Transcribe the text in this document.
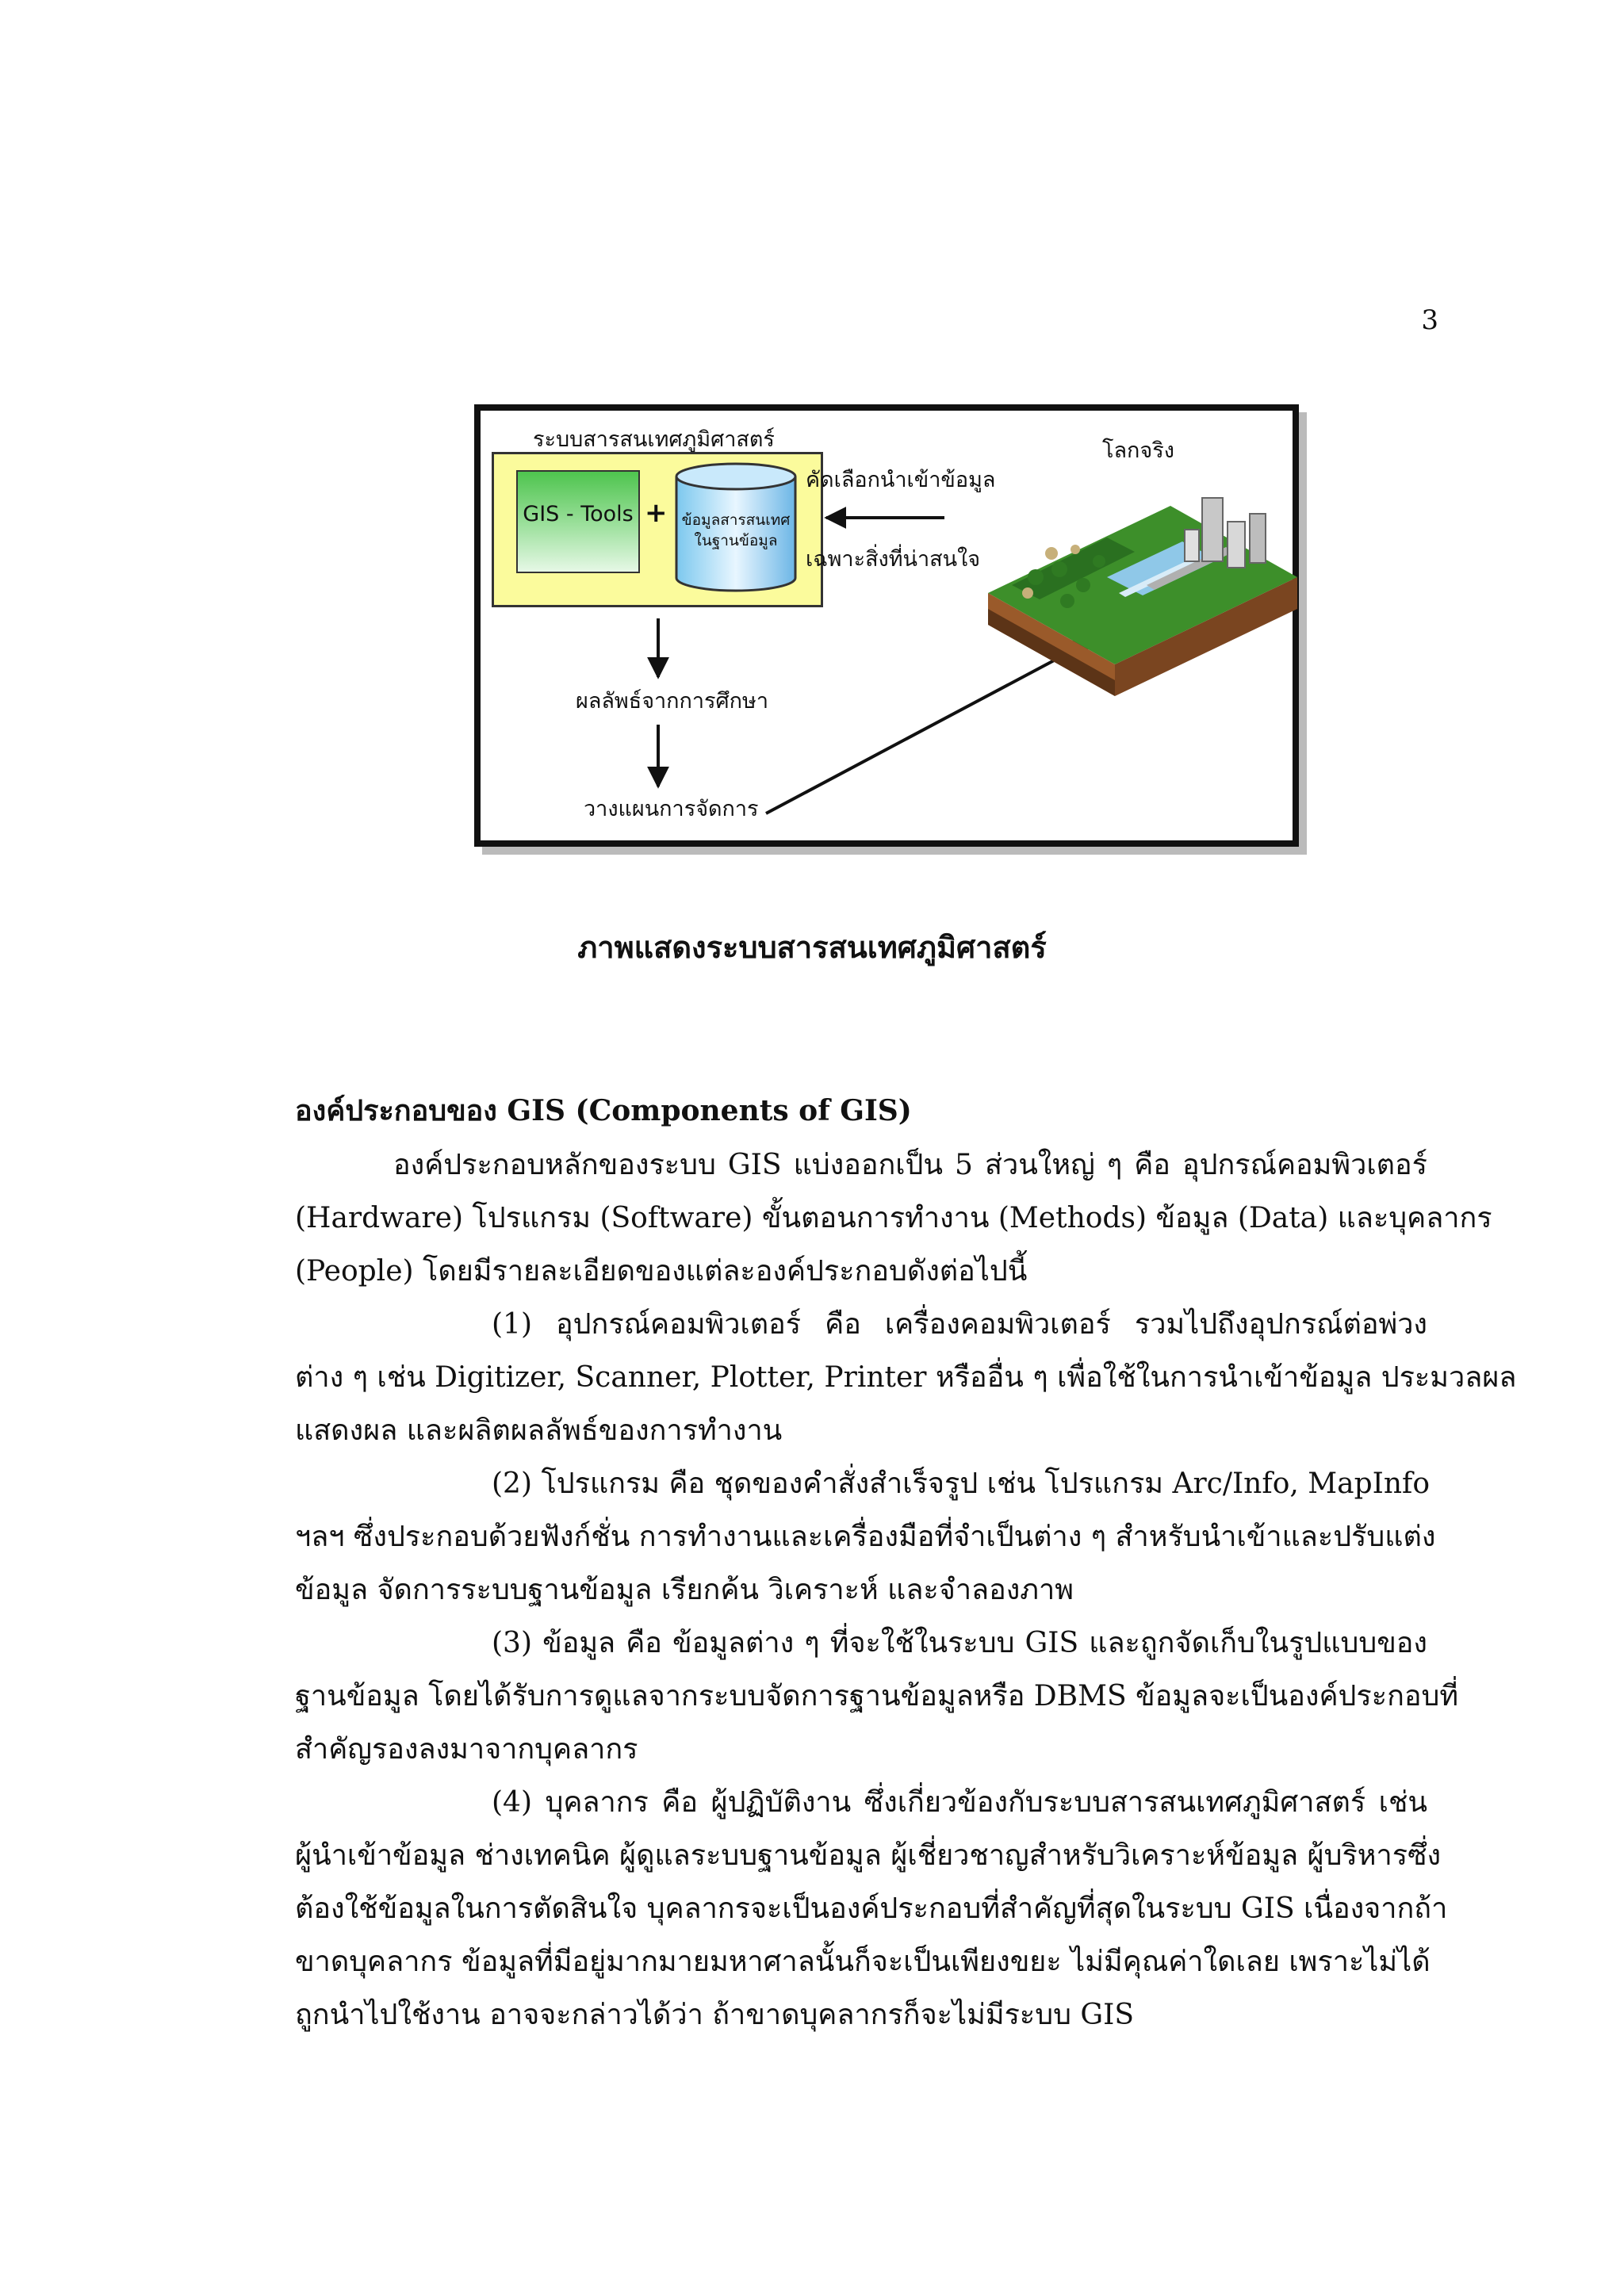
3
ระบบสารสนเทศภูมิศาสตร์
GIS - Tools + ข้อมูลสารสนเทศ
ในฐานข้อมูล
คัดเลือกนำเข้าข้อมูล
เฉพาะสิ่งที่น่าสนใจ
โลกจริง
ผลลัพธ์จากการศึกษา
วางแผนการจัดการ
ภาพแสดงระบบสารสนเทศภูมิศาสตร์
องค์ประกอบของ GIS (Components of GIS)
องค์ประกอบหลักของระบบ GIS แบ่งออกเป็น 5 ส่วนใหญ่ ๆ คือ อุปกรณ์คอมพิวเตอร์
(Hardware) โปรแกรม (Software) ขั้นตอนการทำงาน (Methods) ข้อมูล (Data) และบุคลากร
(People) โดยมีรายละเอียดของแต่ละองค์ประกอบดังต่อไปนี้
(1) อุปกรณ์คอมพิวเตอร์ คือ เครื่องคอมพิวเตอร์ รวมไปถึงอุปกรณ์ต่อพ่วง
ต่าง ๆ เช่น Digitizer, Scanner, Plotter, Printer หรืออื่น ๆ เพื่อใช้ในการนำเข้าข้อมูล ประมวลผล
แสดงผล และผลิตผลลัพธ์ของการทำงาน
(2) โปรแกรม คือ ชุดของคำสั่งสำเร็จรูป เช่น โปรแกรม Arc/Info, MapInfo
ฯลฯ ซึ่งประกอบด้วยฟังก์ชั่น การทำงานและเครื่องมือที่จำเป็นต่าง ๆ สำหรับนำเข้าและปรับแต่ง
ข้อมูล จัดการระบบฐานข้อมูล เรียกค้น วิเคราะห์ และจำลองภาพ
(3) ข้อมูล คือ ข้อมูลต่าง ๆ ที่จะใช้ในระบบ GIS และถูกจัดเก็บในรูปแบบของ
ฐานข้อมูล โดยได้รับการดูแลจากระบบจัดการฐานข้อมูลหรือ DBMS ข้อมูลจะเป็นองค์ประกอบที่
สำคัญรองลงมาจากบุคลากร
(4) บุคลากร คือ ผู้ปฏิบัติงาน ซึ่งเกี่ยวข้องกับระบบสารสนเทศภูมิศาสตร์ เช่น
ผู้นำเข้าข้อมูล ช่างเทคนิค ผู้ดูแลระบบฐานข้อมูล ผู้เชี่ยวชาญสำหรับวิเคราะห์ข้อมูล ผู้บริหารซึ่ง
ต้องใช้ข้อมูลในการตัดสินใจ บุคลากรจะเป็นองค์ประกอบที่สำคัญที่สุดในระบบ GIS เนื่องจากถ้า
ขาดบุคลากร ข้อมูลที่มีอยู่มากมายมหาศาลนั้นก็จะเป็นเพียงขยะ ไม่มีคุณค่าใดเลย เพราะไม่ได้
ถูกนำไปใช้งาน อาจจะกล่าวได้ว่า ถ้าขาดบุคลากรก็จะไม่มีระบบ GIS
